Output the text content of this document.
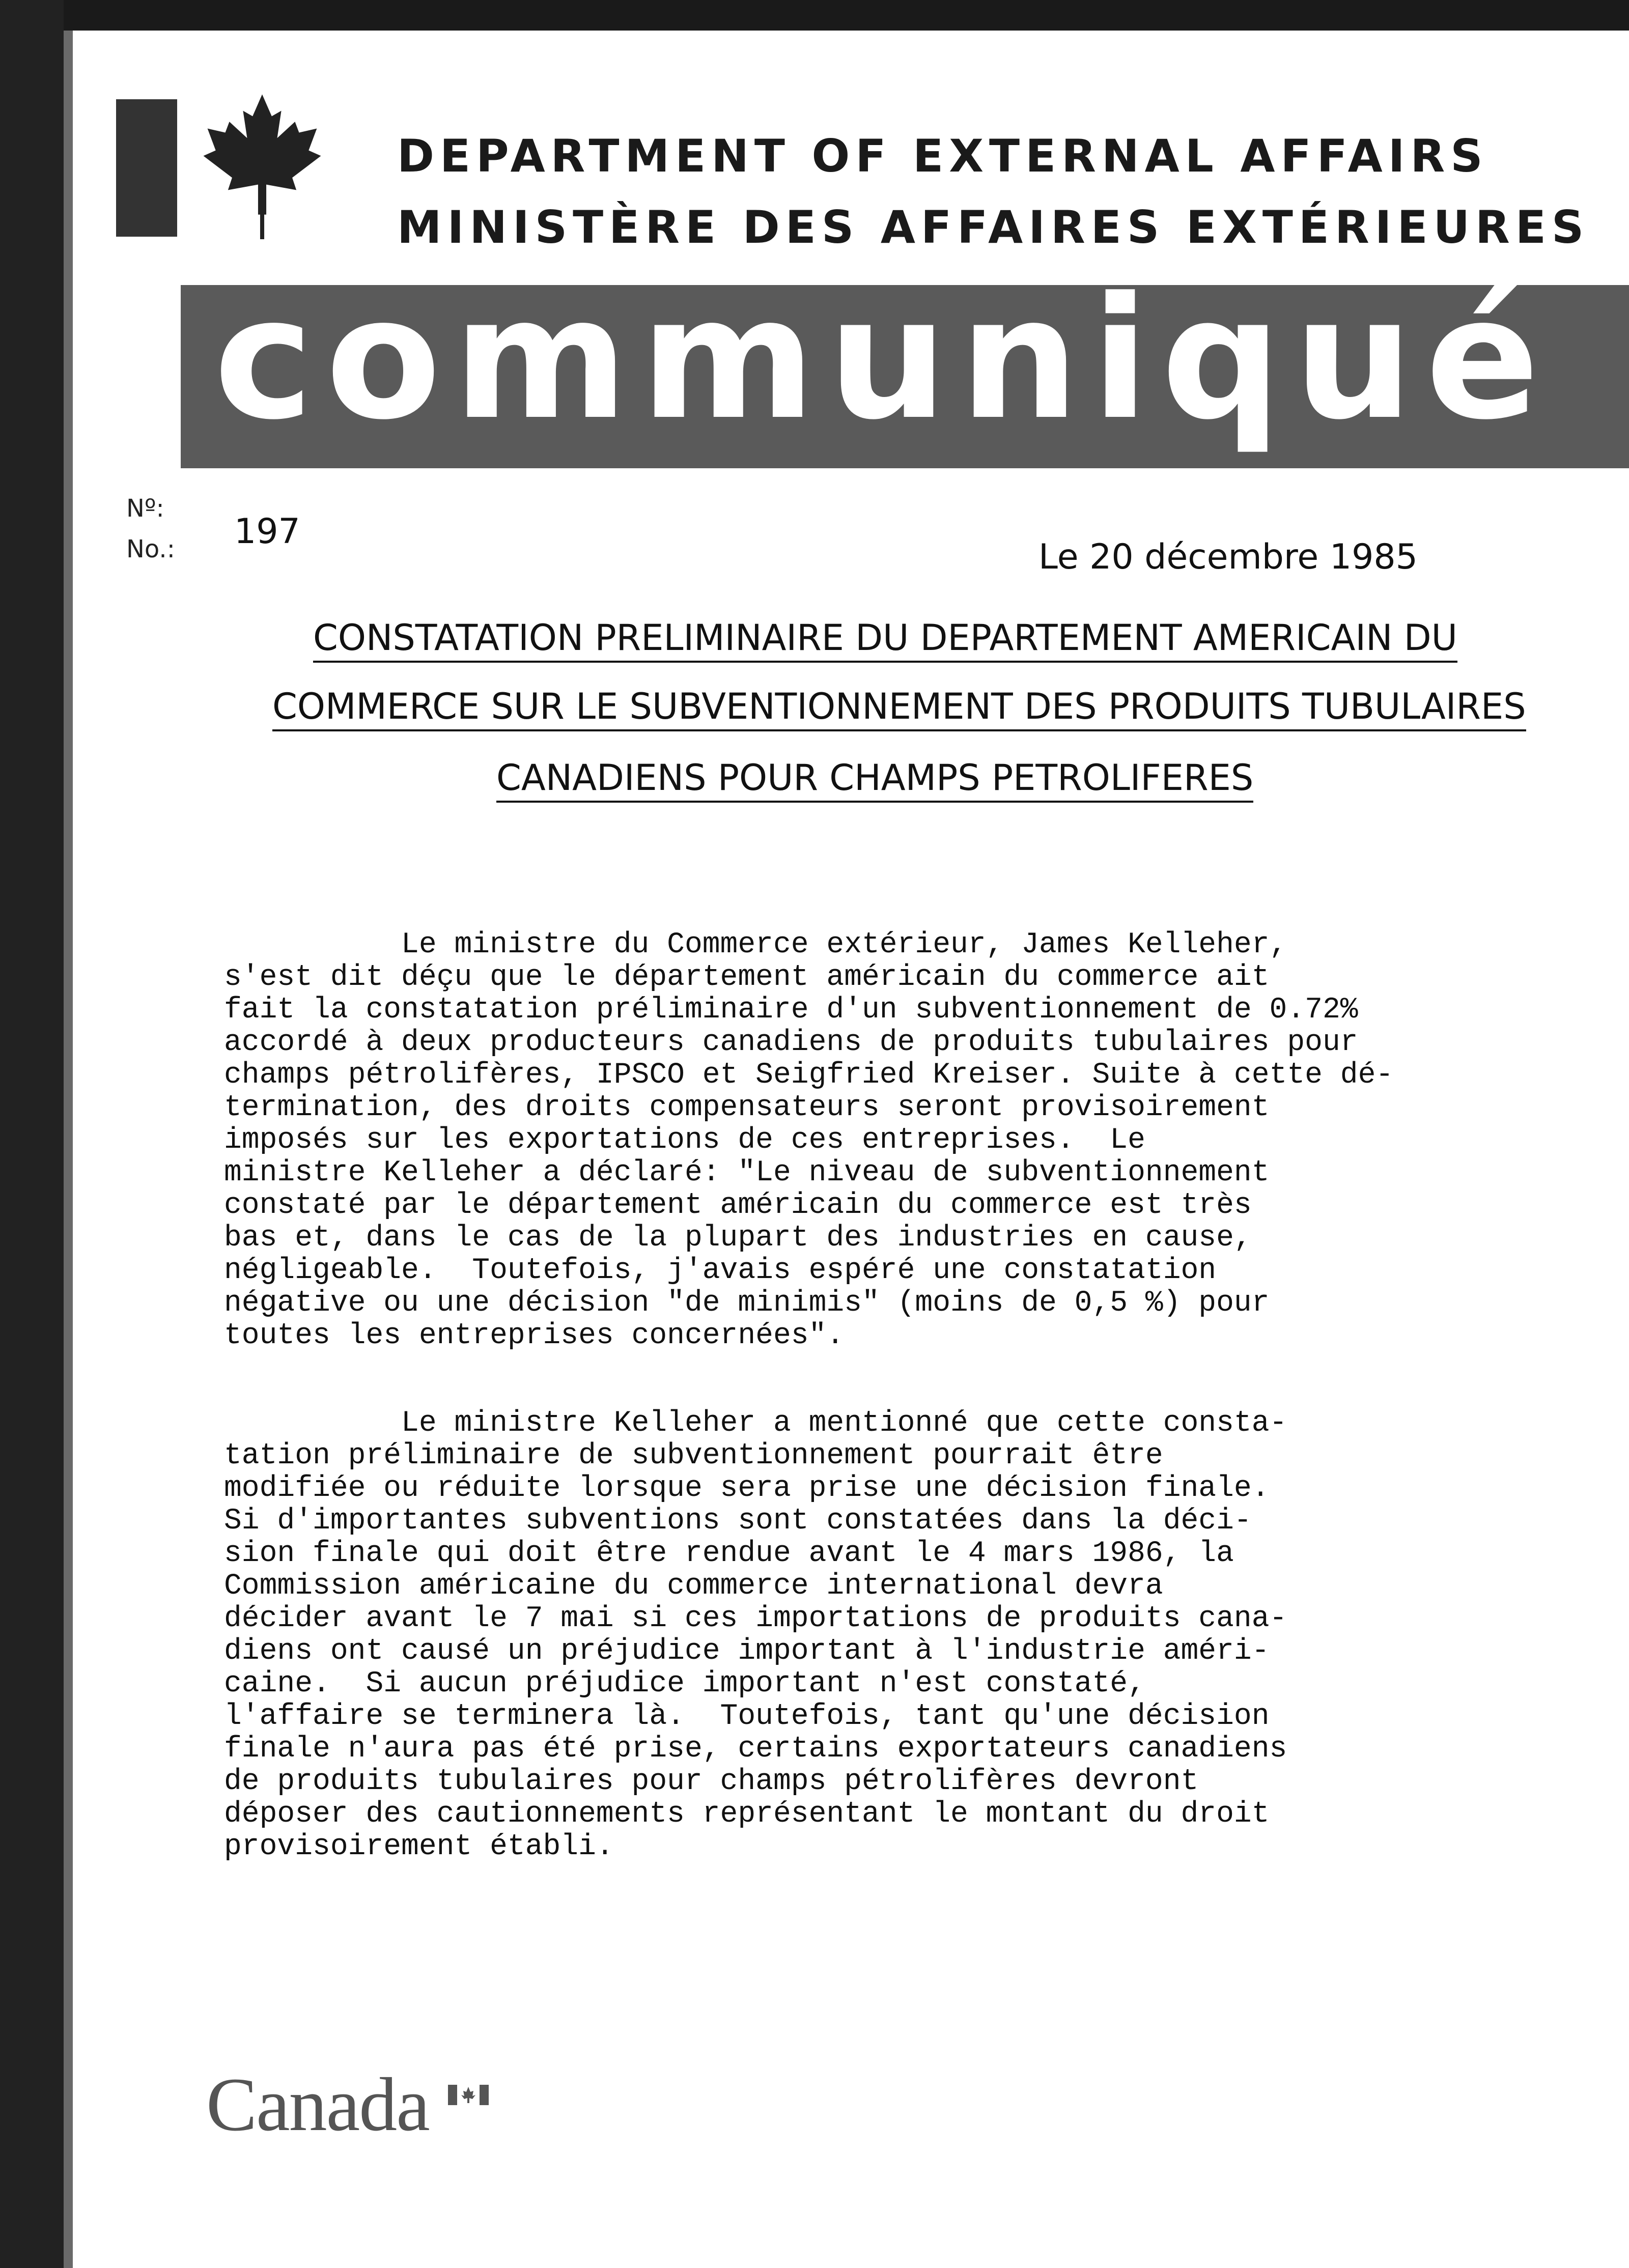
DEPARTMENT OF EXTERNAL AFFAIRS
MINISTÈRE DES AFFAIRES EXTÉRIEURES
communiqué
Nº:
No.: 197
Le 20 décembre 1985
CONSTATATION PRELIMINAIRE DU DEPARTEMENT AMERICAIN DU
COMMERCE SUR LE SUBVENTIONNEMENT DES PRODUITS TUBULAIRES
CANADIENS POUR CHAMPS PETROLIFERES
Le ministre du Commerce extérieur, James Kelleher,
s'est dit déçu que le département américain du commerce ait
fait la constatation préliminaire d'un subventionnement de 0.72%
accordé à deux producteurs canadiens de produits tubulaires pour
champs pétrolifères, IPSCO et Seigfried Kreiser. Suite à cette dé-
termination, des droits compensateurs seront provisoirement
imposés sur les exportations de ces entreprises.  Le
ministre Kelleher a déclaré: "Le niveau de subventionnement
constaté par le département américain du commerce est très
bas et, dans le cas de la plupart des industries en cause,
négligeable.  Toutefois, j'avais espéré une constatation
négative ou une décision "de minimis" (moins de 0,5 %) pour
toutes les entreprises concernées".
Le ministre Kelleher a mentionné que cette consta-
tation préliminaire de subventionnement pourrait être
modifiée ou réduite lorsque sera prise une décision finale.
Si d'importantes subventions sont constatées dans la déci-
sion finale qui doit être rendue avant le 4 mars 1986, la
Commission américaine du commerce international devra
décider avant le 7 mai si ces importations de produits cana-
diens ont causé un préjudice important à l'industrie améri-
caine.  Si aucun préjudice important n'est constaté,
l'affaire se terminera là.  Toutefois, tant qu'une décision
finale n'aura pas été prise, certains exportateurs canadiens
de produits tubulaires pour champs pétrolifères devront
déposer des cautionnements représentant le montant du droit
provisoirement établi.
Canada
